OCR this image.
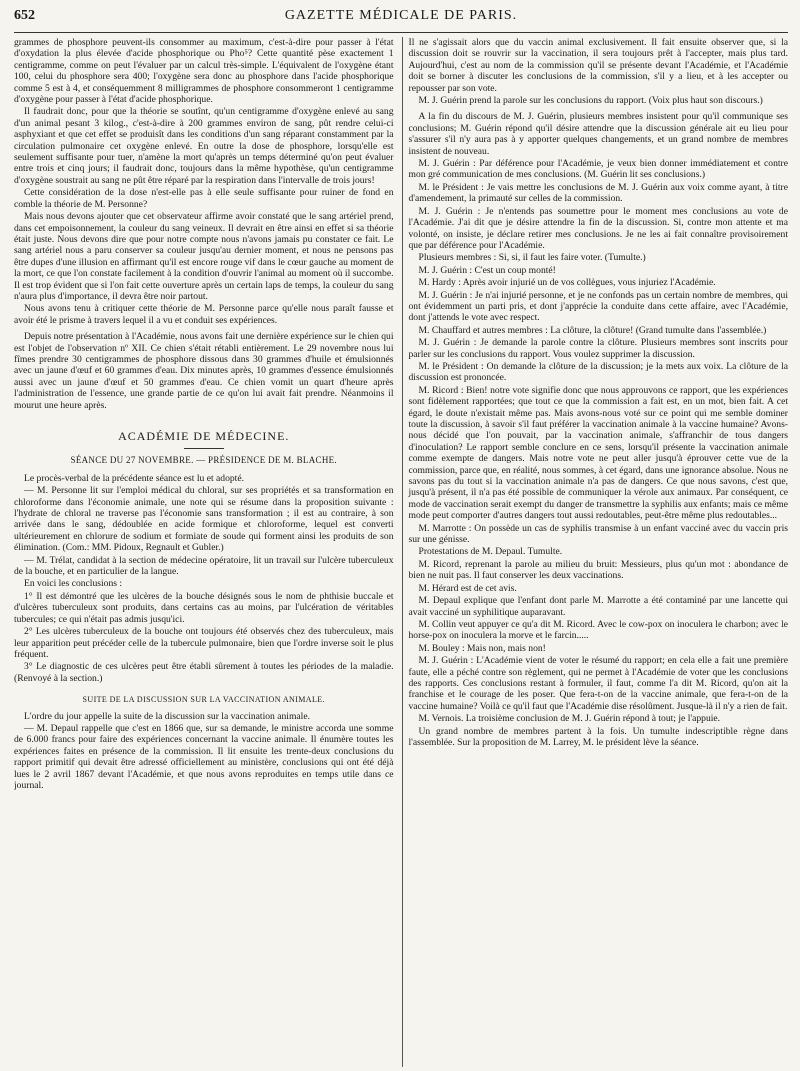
652	GAZETTE MÉDICALE DE PARIS.

grammes de phosphore peuvent-ils consommer au maximum, c'est-à-dire pour passer à l'état d'oxydation la plus élevée d'acide phosphorique ou Pho⁵? Cette quantité pèse exactement 1 centigramme, comme on peut l'évaluer par un calcul très-simple. L'équivalent de l'oxygène étant 100, celui du phosphore sera 400; l'oxygène sera donc au phosphore dans l'acide phosphorique comme 5 est à 4, et conséquemment 8 milligrammes de phosphore consommeront 1 centigramme d'oxygène pour passer à l'état d'acide phosphorique.

Il faudrait donc, pour que la théorie se soutînt, qu'un centigramme d'oxygène enlevé au sang d'un animal pesant 3 kilog., c'est-à-dire à 200 grammes environ de sang, pût rendre celui-ci asphyxiant et que cet effet se produisît dans les conditions d'un sang réparant constamment par la circulation pulmonaire cet oxygène enlevé. En outre la dose de phosphore, lorsqu'elle est seulement suffisante pour tuer, n'amène la mort qu'après un temps déterminé qu'on peut évaluer entre trois et cinq jours; il faudrait donc, toujours dans la même hypothèse, qu'un centigramme d'oxygène soustrait au sang ne pût être réparé par la respiration dans l'intervalle de trois jours!

Cette considération de la dose n'est-elle pas à elle seule suffisante pour ruiner de fond en comble la théorie de M. Personne?

Mais nous devons ajouter que cet observateur affirme avoir constaté que le sang artériel prend, dans cet empoisonnement, la couleur du sang veineux. Il devrait en être ainsi en effet si sa théorie était juste. Nous devons dire que pour notre compte nous n'avons jamais pu constater ce fait. Le sang artériel nous a paru conserver sa couleur jusqu'au dernier moment, et nous ne pensons pas être dupes d'une illusion en affirmant qu'il est encore rouge vif dans le cœur gauche au moment de la mort, ce que l'on constate facilement à la condition d'ouvrir l'animal au moment où il succombe. Il est trop évident que si l'on fait cette ouverture après un certain laps de temps, la couleur du sang n'aura plus d'importance, il devra être noir partout.

Nous avons tenu à critiquer cette théorie de M. Personne parce qu'elle nous paraît fausse et avoir été le prisme à travers lequel il a vu et conduit ses expériences.

Depuis notre présentation à l'Académie, nous avons fait une dernière expérience sur le chien qui est l'objet de l'observation nº XII. Ce chien s'était rétabli entièrement. Le 29 novembre nous lui fîmes prendre 30 centigrammes de phosphore dissous dans 30 grammes d'huile et émulsionnés avec un jaune d'œuf et 60 grammes d'eau. Dix minutes après, 10 grammes d'essence émulsionnés aussi avec un jaune d'œuf et 50 grammes d'eau. Ce chien vomit un quart d'heure après l'administration de l'essence, une grande partie de ce qu'on lui avait fait prendre. Néanmoins il mourut une heure après.

ACADÉMIE DE MÉDECINE.
SÉANCE DU 27 NOVEMBRE. — PRÉSIDENCE DE M. BLACHE.

Le procès-verbal de la précédente séance est lu et adopté.

— M. Personne lit sur l'emploi médical du chloral, sur ses propriétés et sa transformation en chloroforme dans l'économie animale, une note qui se résume dans la proposition suivante : l'hydrate de chloral ne traverse pas l'économie sans transformation ; il est au contraire, à son arrivée dans le sang, dédoublée en acide formique et chloroforme, lequel est converti ultérieurement en chlorure de sodium et formiate de soude qui forment ainsi les produits de son élimination. (Com.: MM. Pidoux, Regnault et Gubler.)

— M. Trélat, candidat à la section de médecine opératoire, lit un travail sur l'ulcère tuberculeux de la bouche, et en particulier de la langue.

En voici les conclusions :

1° Il est démontré que les ulcères de la bouche désignés sous le nom de phthisie buccale et d'ulcères tuberculeux sont produits, dans certains cas au moins, par l'ulcération de véritables tubercules; ce qui n'était pas admis jusqu'ici.

2° Les ulcères tuberculeux de la bouche ont toujours été observés chez des tuberculeux, mais leur apparition peut précéder celle de la tubercule pulmonaire, bien que l'ordre inverse soit le plus fréquent.

3° Le diagnostic de ces ulcères peut être établi sûrement à toutes les périodes de la maladie. (Renvoyé à la section.)

SUITE DE LA DISCUSSION SUR LA VACCINATION ANIMALE.

L'ordre du jour appelle la suite de la discussion sur la vaccination animale.

— M. Depaul rappelle que c'est en 1866 que, sur sa demande, le ministre accorda une somme de 6.000 francs pour faire des expériences concernant la vaccine animale. Il énumère toutes les expériences faites en présence de la commission. Il lit ensuite les trente-deux conclusions du rapport primitif qui devait être adressé officiellement au ministère, conclusions qui ont été déjà lues le 2 avril 1867 devant l'Académie, et que nous avons reproduites en temps utile dans ce journal.

Il ne s'agissait alors que du vaccin animal exclusivement. Il fait ensuite observer que, si la discussion doit se rouvrir sur la vaccination, il sera toujours prêt à l'accepter, mais plus tard. Aujourd'hui, c'est au nom de la commission qu'il se présente devant l'Académie, et l'Académie doit se borner à discuter les conclusions de la commission, s'il y a lieu, et à les accepter ou repousser par son vote.

M. J. Guérin prend la parole sur les conclusions du rapport. (Voix plus haut son discours.)

A la fin du discours de M. J. Guérin, plusieurs membres insistent pour qu'il communique ses conclusions; M. Guérin répond qu'il désire attendre que la discussion générale ait eu lieu pour s'assurer s'il n'y aura pas à y apporter quelques changements, et un grand nombre de membres insistent de nouveau.

M. J. Guérin : Par déférence pour l'Académie, je veux bien donner immédiatement et contre mon gré communication de mes conclusions. (M. Guérin lit ses conclusions.)

M. le Président : Je vais mettre les conclusions de M. J. Guérin aux voix comme ayant, à titre d'amendement, la primauté sur celles de la commission.

M. J. Guérin : Je n'entends pas soumettre pour le moment mes conclusions au vote de l'Académie. J'ai dit que je désire attendre la fin de la discussion. Si, contre mon attente et ma volonté, on insiste, je déclare retirer mes conclusions. Je ne les ai fait connaître provisoirement que par déférence pour l'Académie.

Plusieurs membres : Si, si, il faut les faire voter. (Tumulte.)

M. J. Guérin : C'est un coup monté!

M. Hardy : Après avoir injurié un de vos collègues, vous injuriez l'Académie.

M. J. Guérin : Je n'ai injurié personne, et je ne confonds pas un certain nombre de membres, qui ont évidemment un parti pris, et dont j'apprécie la conduite dans cette affaire, avec l'Académie, dont j'attends le vote avec respect.

M. Chauffard et autres membres : La clôture, la clôture! (Grand tumulte dans l'assemblée.)

M. J. Guérin : Je demande la parole contre la clôture. Plusieurs membres sont inscrits pour parler sur les conclusions du rapport. Vous voulez supprimer la discussion.

M. le Président : On demande la clôture de la discussion; je la mets aux voix. La clôture de la discussion est prononcée.

M. Ricord : Bien! notre vote signifie donc que nous approuvons ce rapport, que les expériences sont fidèlement rapportées; que tout ce que la commission a fait est, en un mot, bien fait. A cet égard, le doute n'existait même pas. Mais avons-nous voté sur ce point qui me semble dominer toute la discussion, à savoir s'il faut préférer la vaccination animale à la vaccine humaine? Avons-nous décidé que l'on pouvait, par la vaccination animale, s'affranchir de tous dangers d'inoculation? Le rapport semble conclure en ce sens, lorsqu'il présente la vaccination animale comme exempte de dangers. Mais notre vote ne peut aller jusqu'à éprouver cette vue de la commission, parce que, en réalité, nous sommes, à cet égard, dans une ignorance absolue. Nous ne savons pas du tout si la vaccination animale n'a pas de dangers. Ce que nous savons, c'est que, jusqu'à présent, il n'a pas été possible de communiquer la vérole aux animaux. Par conséquent, ce mode de vaccination serait exempt du danger de transmettre la syphilis aux enfants; mais ce même mode peut comporter d'autres dangers tout aussi redoutables, peut-être même plus redoutables...

M. Marrotte : On possède un cas de syphilis transmise à un enfant vacciné avec du vaccin pris sur une génisse.

Protestations de M. Depaul. Tumulte.

M. Ricord, reprenant la parole au milieu du bruit: Messieurs, plus qu'un mot : abondance de bien ne nuit pas. Il faut conserver les deux vaccinations.

M. Hérard est de cet avis.

M. Depaul explique que l'enfant dont parle M. Marrotte a été contaminé par une lancette qui avait vacciné un syphilitique auparavant.

M. Collin veut appuyer ce qu'a dit M. Ricord. Avec le cow-pox on inoculera le charbon; avec le horse-pox on inoculera la morve et le farcin.....

M. Bouley : Mais non, mais non!

M. J. Guérin : L'Académie vient de voter le résumé du rapport; en cela elle a fait une première faute, elle a péché contre son règlement, qui ne permet à l'Académie de voter que les conclusions des rapports. Ces conclusions restant à formuler, il faut, comme l'a dit M. Ricord, qu'on ait la franchise et le courage de les poser. Que fera-t-on de la vaccine animale, que fera-t-on de la vaccine humaine? Voilà ce qu'il faut que l'Académie dise résolûment. Jusque-là il n'y a rien de fait.

M. Vernois. La troisième conclusion de M. J. Guérin répond à tout; je l'appuie.

Un grand nombre de membres partent à la fois. Un tumulte indescriptible règne dans l'assemblée. Sur la proposition de M. Larrey, M. le président lève la séance.
